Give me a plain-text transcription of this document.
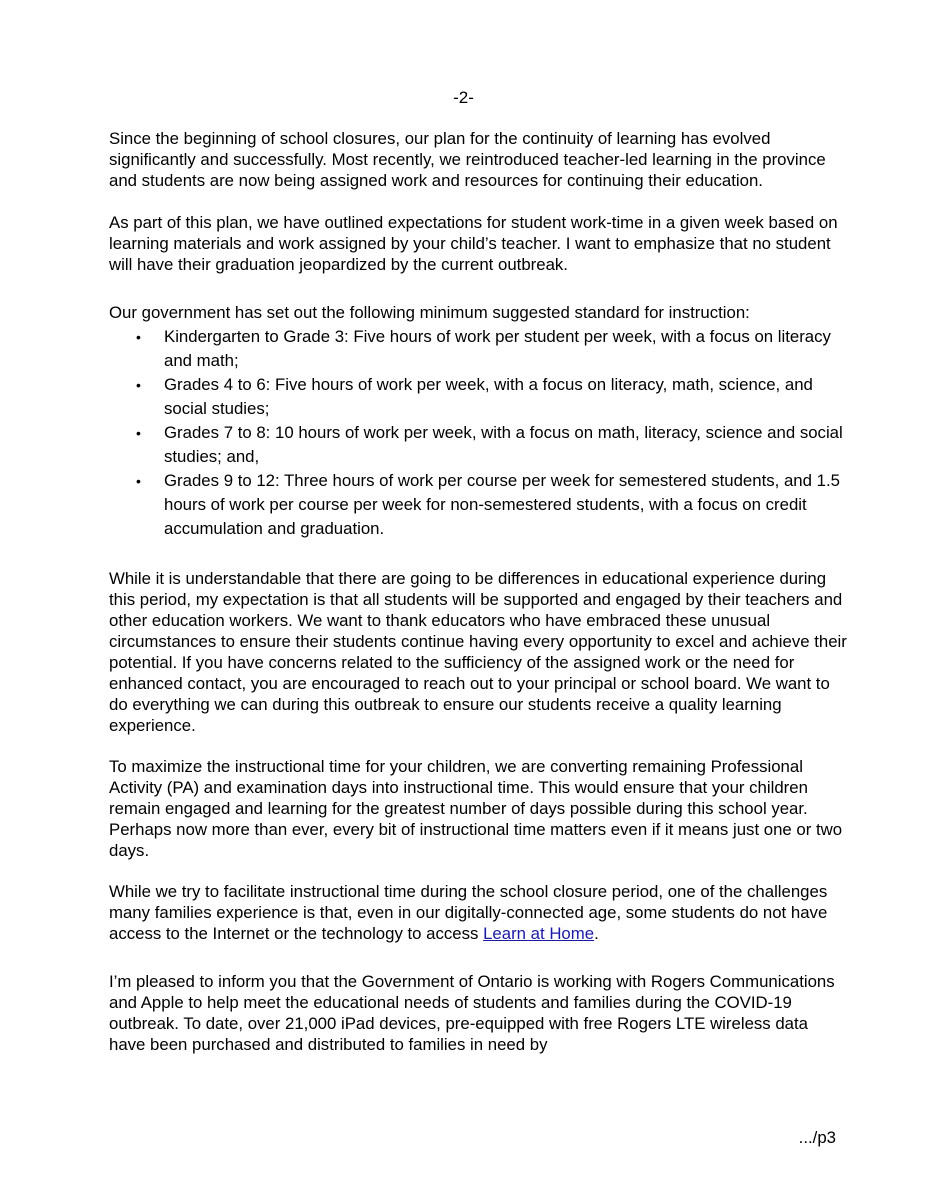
-2-

Since the beginning of school closures, our plan for the continuity of learning has evolved significantly and successfully. Most recently, we reintroduced teacher-led learning in the province and students are now being assigned work and resources for continuing their education.

As part of this plan, we have outlined expectations for student work-time in a given week based on learning materials and work assigned by your child’s teacher. I want to emphasize that no student will have their graduation jeopardized by the current outbreak.

Our government has set out the following minimum suggested standard for instruction:

•	Kindergarten to Grade 3: Five hours of work per student per week, with a focus on literacy and math;
•	Grades 4 to 6: Five hours of work per week, with a focus on literacy, math, science, and social studies;
•	Grades 7 to 8: 10 hours of work per week, with a focus on math, literacy, science and social studies; and,
•	Grades 9 to 12: Three hours of work per course per week for semestered students, and 1.5 hours of work per course per week for non-semestered students, with a focus on credit accumulation and graduation.

While it is understandable that there are going to be differences in educational experience during this period, my expectation is that all students will be supported and engaged by their teachers and other education workers. We want to thank educators who have embraced these unusual circumstances to ensure their students continue having every opportunity to excel and achieve their potential. If you have concerns related to the sufficiency of the assigned work or the need for enhanced contact, you are encouraged to reach out to your principal or school board. We want to do everything we can during this outbreak to ensure our students receive a quality learning experience.

To maximize the instructional time for your children, we are converting remaining Professional Activity (PA) and examination days into instructional time. This would ensure that your children remain engaged and learning for the greatest number of days possible during this school year. Perhaps now more than ever, every bit of instructional time matters even if it means just one or two days.

While we try to facilitate instructional time during the school closure period, one of the challenges many families experience is that, even in our digitally-connected age, some students do not have access to the Internet or the technology to access Learn at Home.

I’m pleased to inform you that the Government of Ontario is working with Rogers Communications and Apple to help meet the educational needs of students and families during the COVID-19 outbreak. To date, over 21,000 iPad devices, pre-equipped with free Rogers LTE wireless data have been purchased and distributed to families in need by

.../p3
